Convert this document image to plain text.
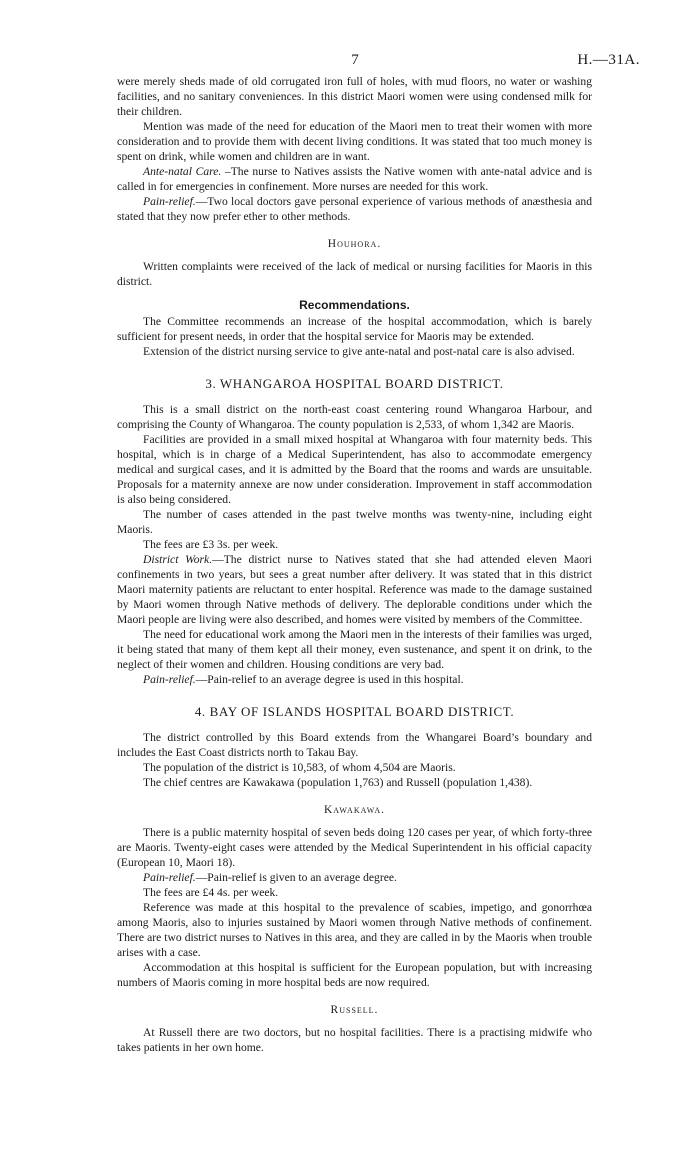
7	H.—31A.

were merely sheds made of old corrugated iron full of holes, with mud floors, no water or washing facilities, and no sanitary conveniences. In this district Maori women were using condensed milk for their children.

Mention was made of the need for education of the Maori men to treat their women with more consideration and to provide them with decent living conditions. It was stated that too much money is spent on drink, while women and children are in want.

Ante-natal Care. –The nurse to Natives assists the Native women with ante-natal advice and is called in for emergencies in confinement. More nurses are needed for this work.

Pain-relief.—Two local doctors gave personal experience of various methods of anæsthesia and stated that they now prefer ether to other methods.

Houhora.

Written complaints were received of the lack of medical or nursing facilities for Maoris in this district.

Recommendations.

The Committee recommends an increase of the hospital accommodation, which is barely sufficient for present needs, in order that the hospital service for Maoris may be extended.

Extension of the district nursing service to give ante-natal and post-natal care is also advised.

3. WHANGAROA HOSPITAL BOARD DISTRICT.

This is a small district on the north-east coast centering round Whangaroa Harbour, and comprising the County of Whangaroa. The county population is 2,533, of whom 1,342 are Maoris.

Facilities are provided in a small mixed hospital at Whangaroa with four maternity beds. This hospital, which is in charge of a Medical Superintendent, has also to accommodate emergency medical and surgical cases, and it is admitted by the Board that the rooms and wards are unsuitable. Proposals for a maternity annexe are now under consideration. Improvement in staff accommodation is also being considered.

The number of cases attended in the past twelve months was twenty-nine, including eight Maoris.

The fees are £3 3s. per week.

District Work.—The district nurse to Natives stated that she had attended eleven Maori confinements in two years, but sees a great number after delivery. It was stated that in this district Maori maternity patients are reluctant to enter hospital. Reference was made to the damage sustained by Maori women through Native methods of delivery. The deplorable conditions under which the Maori people are living were also described, and homes were visited by members of the Committee.

The need for educational work among the Maori men in the interests of their families was urged, it being stated that many of them kept all their money, even sustenance, and spent it on drink, to the neglect of their women and children. Housing conditions are very bad.

Pain-relief.—Pain-relief to an average degree is used in this hospital.

4. BAY OF ISLANDS HOSPITAL BOARD DISTRICT.

The district controlled by this Board extends from the Whangarei Board’s boundary and includes the East Coast districts north to Takau Bay.

The population of the district is 10,583, of whom 4,504 are Maoris.

The chief centres are Kawakawa (population 1,763) and Russell (population 1,438).

Kawakawa.

There is a public maternity hospital of seven beds doing 120 cases per year, of which forty-three are Maoris. Twenty-eight cases were attended by the Medical Superintendent in his official capacity (European 10, Maori 18).

Pain-relief.—Pain-relief is given to an average degree.

The fees are £4 4s. per week.

Reference was made at this hospital to the prevalence of scabies, impetigo, and gonorrhœa among Maoris, also to injuries sustained by Maori women through Native methods of confinement. There are two district nurses to Natives in this area, and they are called in by the Maoris when trouble arises with a case.

Accommodation at this hospital is sufficient for the European population, but with increasing numbers of Maoris coming in more hospital beds are now required.

Russell.

At Russell there are two doctors, but no hospital facilities. There is a practising midwife who takes patients in her own home.
